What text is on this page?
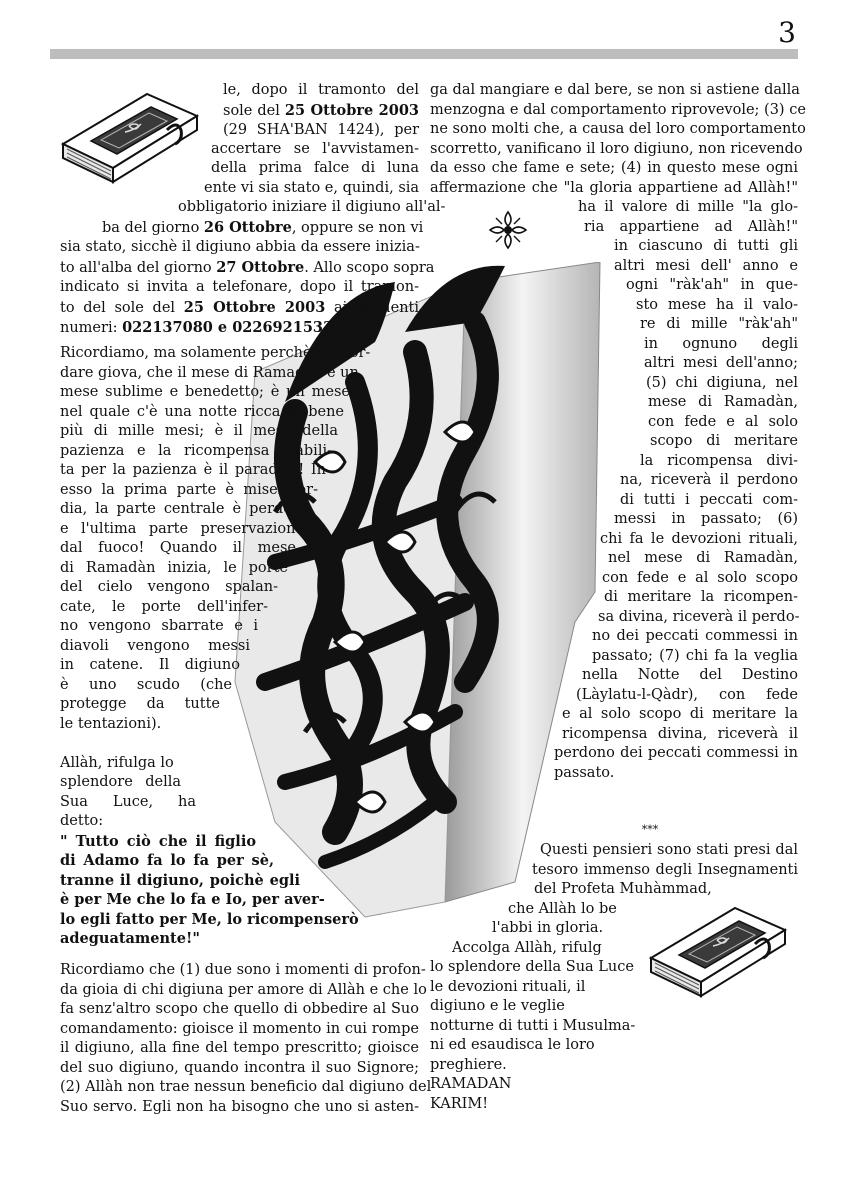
3
le, dopo il tramonto del
sole del 25 Ottobre 2003
(29 SHA'BAN 1424), per
accertare se l'avvistamen-
della prima falce di luna
ente vi sia stato e, quindi, sia
obbligatorio iniziare il digiuno all'al-
ba del giorno 26 Ottobre, oppure se non vi
sia stato, sicchè il digiuno abbia da essere inizia-
to all'alba del giorno 27 Ottobre. Allo scopo sopra
indicato si invita a telefonare, dopo il tramon-
to del sole del 25 Ottobre 2003 ai seguenti
numeri: 022137080 e 0226921533.
Ricordiamo, ma solamente perchè il ricor-
dare giova, che il mese di Ramadàn è un
mese sublime e benedetto; è un mese
nel quale c'è una notte ricca di bene
più di mille mesi; è il mese della
pazienza e la ricompensa stabili-
ta per la pazienza è il paradiso! In
esso la prima parte è misericor-
dia, la parte centrale è perdono
e l'ultima parte preservazione
dal fuoco! Quando il mese
di Ramadàn inizia, le porte
del cielo vengono spalan-
cate, le porte dell'infer-
no vengono sbarrate e i
diavoli vengono messi
in catene. Il digiuno
è uno scudo (che
protegge da tutte
le tentazioni).
Allàh, rifulga lo
splendore della
Sua Luce, ha
detto:
" Tutto ciò che il figlio
di Adamo fa lo fa per sè,
tranne il digiuno, poichè egli
è per Me che lo fa e Io, per aver-
lo egli fatto per Me, lo ricompenserò
adeguatamente!"
Ricordiamo che (1) due sono i momenti di profon-
da gioia di chi digiuna per amore di Allàh e che lo
fa senz'altro scopo che quello di obbedire al Suo
comandamento: gioisce il momento in cui rompe
il digiuno, alla fine del tempo prescritto; gioisce
del suo digiuno, quando incontra il suo Signore;
(2) Allàh non trae nessun beneficio dal digiuno del
Suo servo. Egli non ha bisogno che uno si asten-
ga dal mangiare e dal bere, se non si astiene dalla
menzogna e dal comportamento riprovevole; (3) ce
ne sono molti che, a causa del loro comportamento
scorretto, vanificano il loro digiuno, non ricevendo
da esso che fame e sete; (4) in questo mese ogni
affermazione che "la gloria appartiene ad Allàh!"
ha il valore di mille "la glo-
ria appartiene ad Allàh!"
in ciascuno di tutti gli
altri mesi dell' anno e
ogni "ràk'ah" in que-
sto mese ha il valo-
re di mille "ràk'ah"
in ognuno degli
altri mesi dell'anno;
(5) chi digiuna, nel
mese di Ramadàn,
con fede e al solo
scopo di meritare
la ricompensa divi-
na, riceverà il perdono
di tutti i peccati com-
messi in passato; (6)
chi fa le devozioni rituali,
nel mese di Ramadàn,
con fede e al solo scopo
di meritare la ricompen-
sa divina, riceverà il perdo-
no dei peccati commessi in
passato; (7) chi fa la veglia
nella Notte del Destino
(Làylatu-l-Qàdr), con fede
e al solo scopo di meritare la
ricompensa divina, riceverà il
perdono dei peccati commessi in
passato.
***
Questi pensieri sono stati presi dal
tesoro immenso degli Insegnamenti
del Profeta Muhàmmad,
che Allàh lo be
l'abbi in gloria.
Accolga Allàh, rifulg
lo splendore della Sua Luce
le devozioni rituali, il
digiuno e le veglie
notturne di tutti i Musulma-
ni ed esaudisca le loro
preghiere.
RAMADAN
KARIM!
